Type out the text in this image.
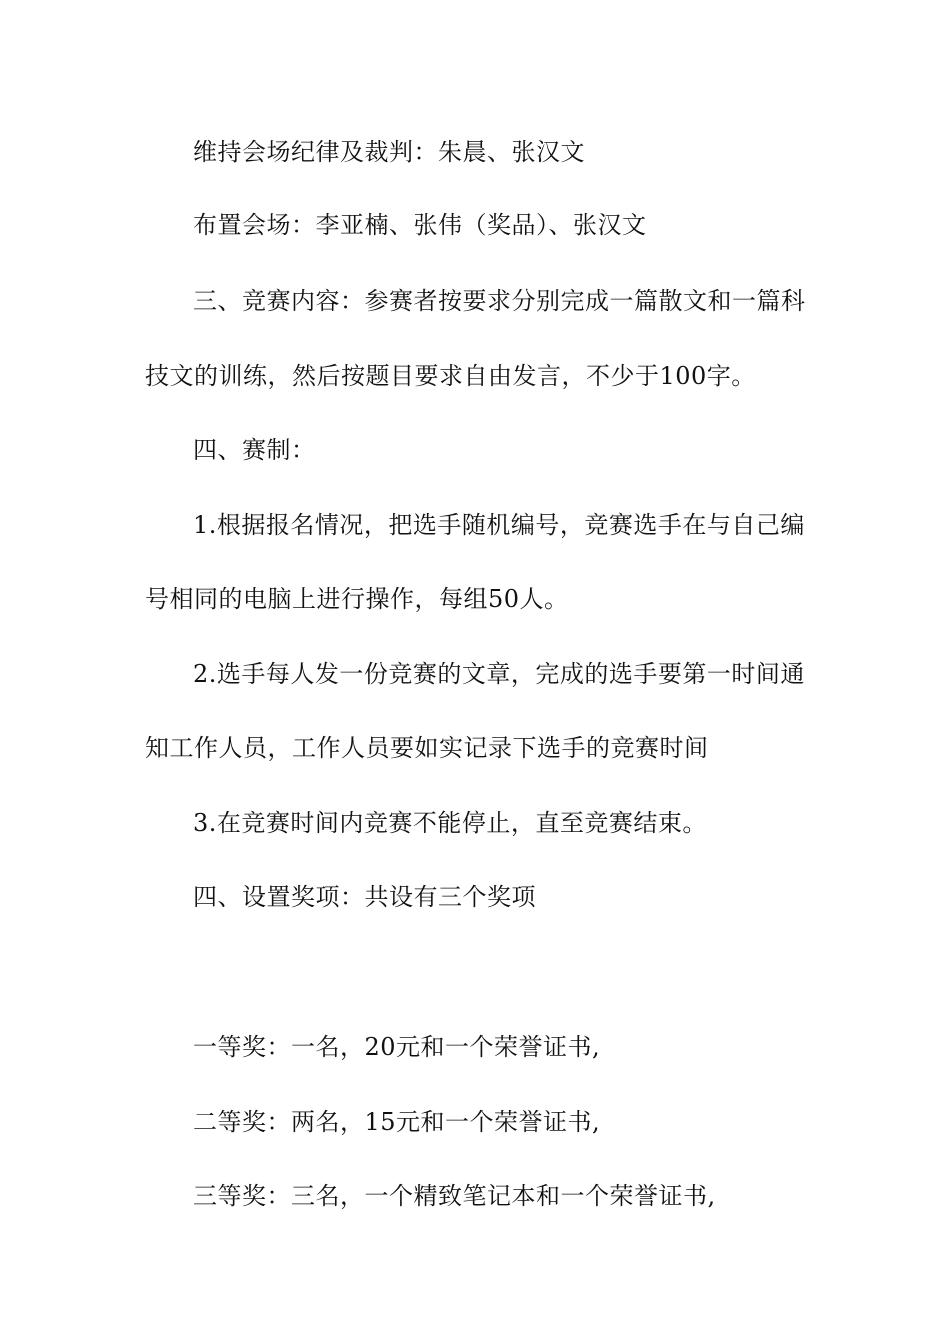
维持会场纪律及裁判：朱晨、张汉文
布置会场：李亚楠、张伟（奖品）、张汉文
三、竞赛内容：参赛者按要求分别完成一篇散文和一篇科
技文的训练，然后按题目要求自由发言，不少于100字。
四、赛制：
1.根据报名情况，把选手随机编号，竞赛选手在与自己编
号相同的电脑上进行操作，每组50人。
2.选手每人发一份竞赛的文章，完成的选手要第一时间通
知工作人员，工作人员要如实记录下选手的竞赛时间
3.在竞赛时间内竞赛不能停止，直至竞赛结束。
四、设置奖项：共设有三个奖项
一等奖：一名，20元和一个荣誉证书,
二等奖：两名，15元和一个荣誉证书,
三等奖：三名，一个精致笔记本和一个荣誉证书,
